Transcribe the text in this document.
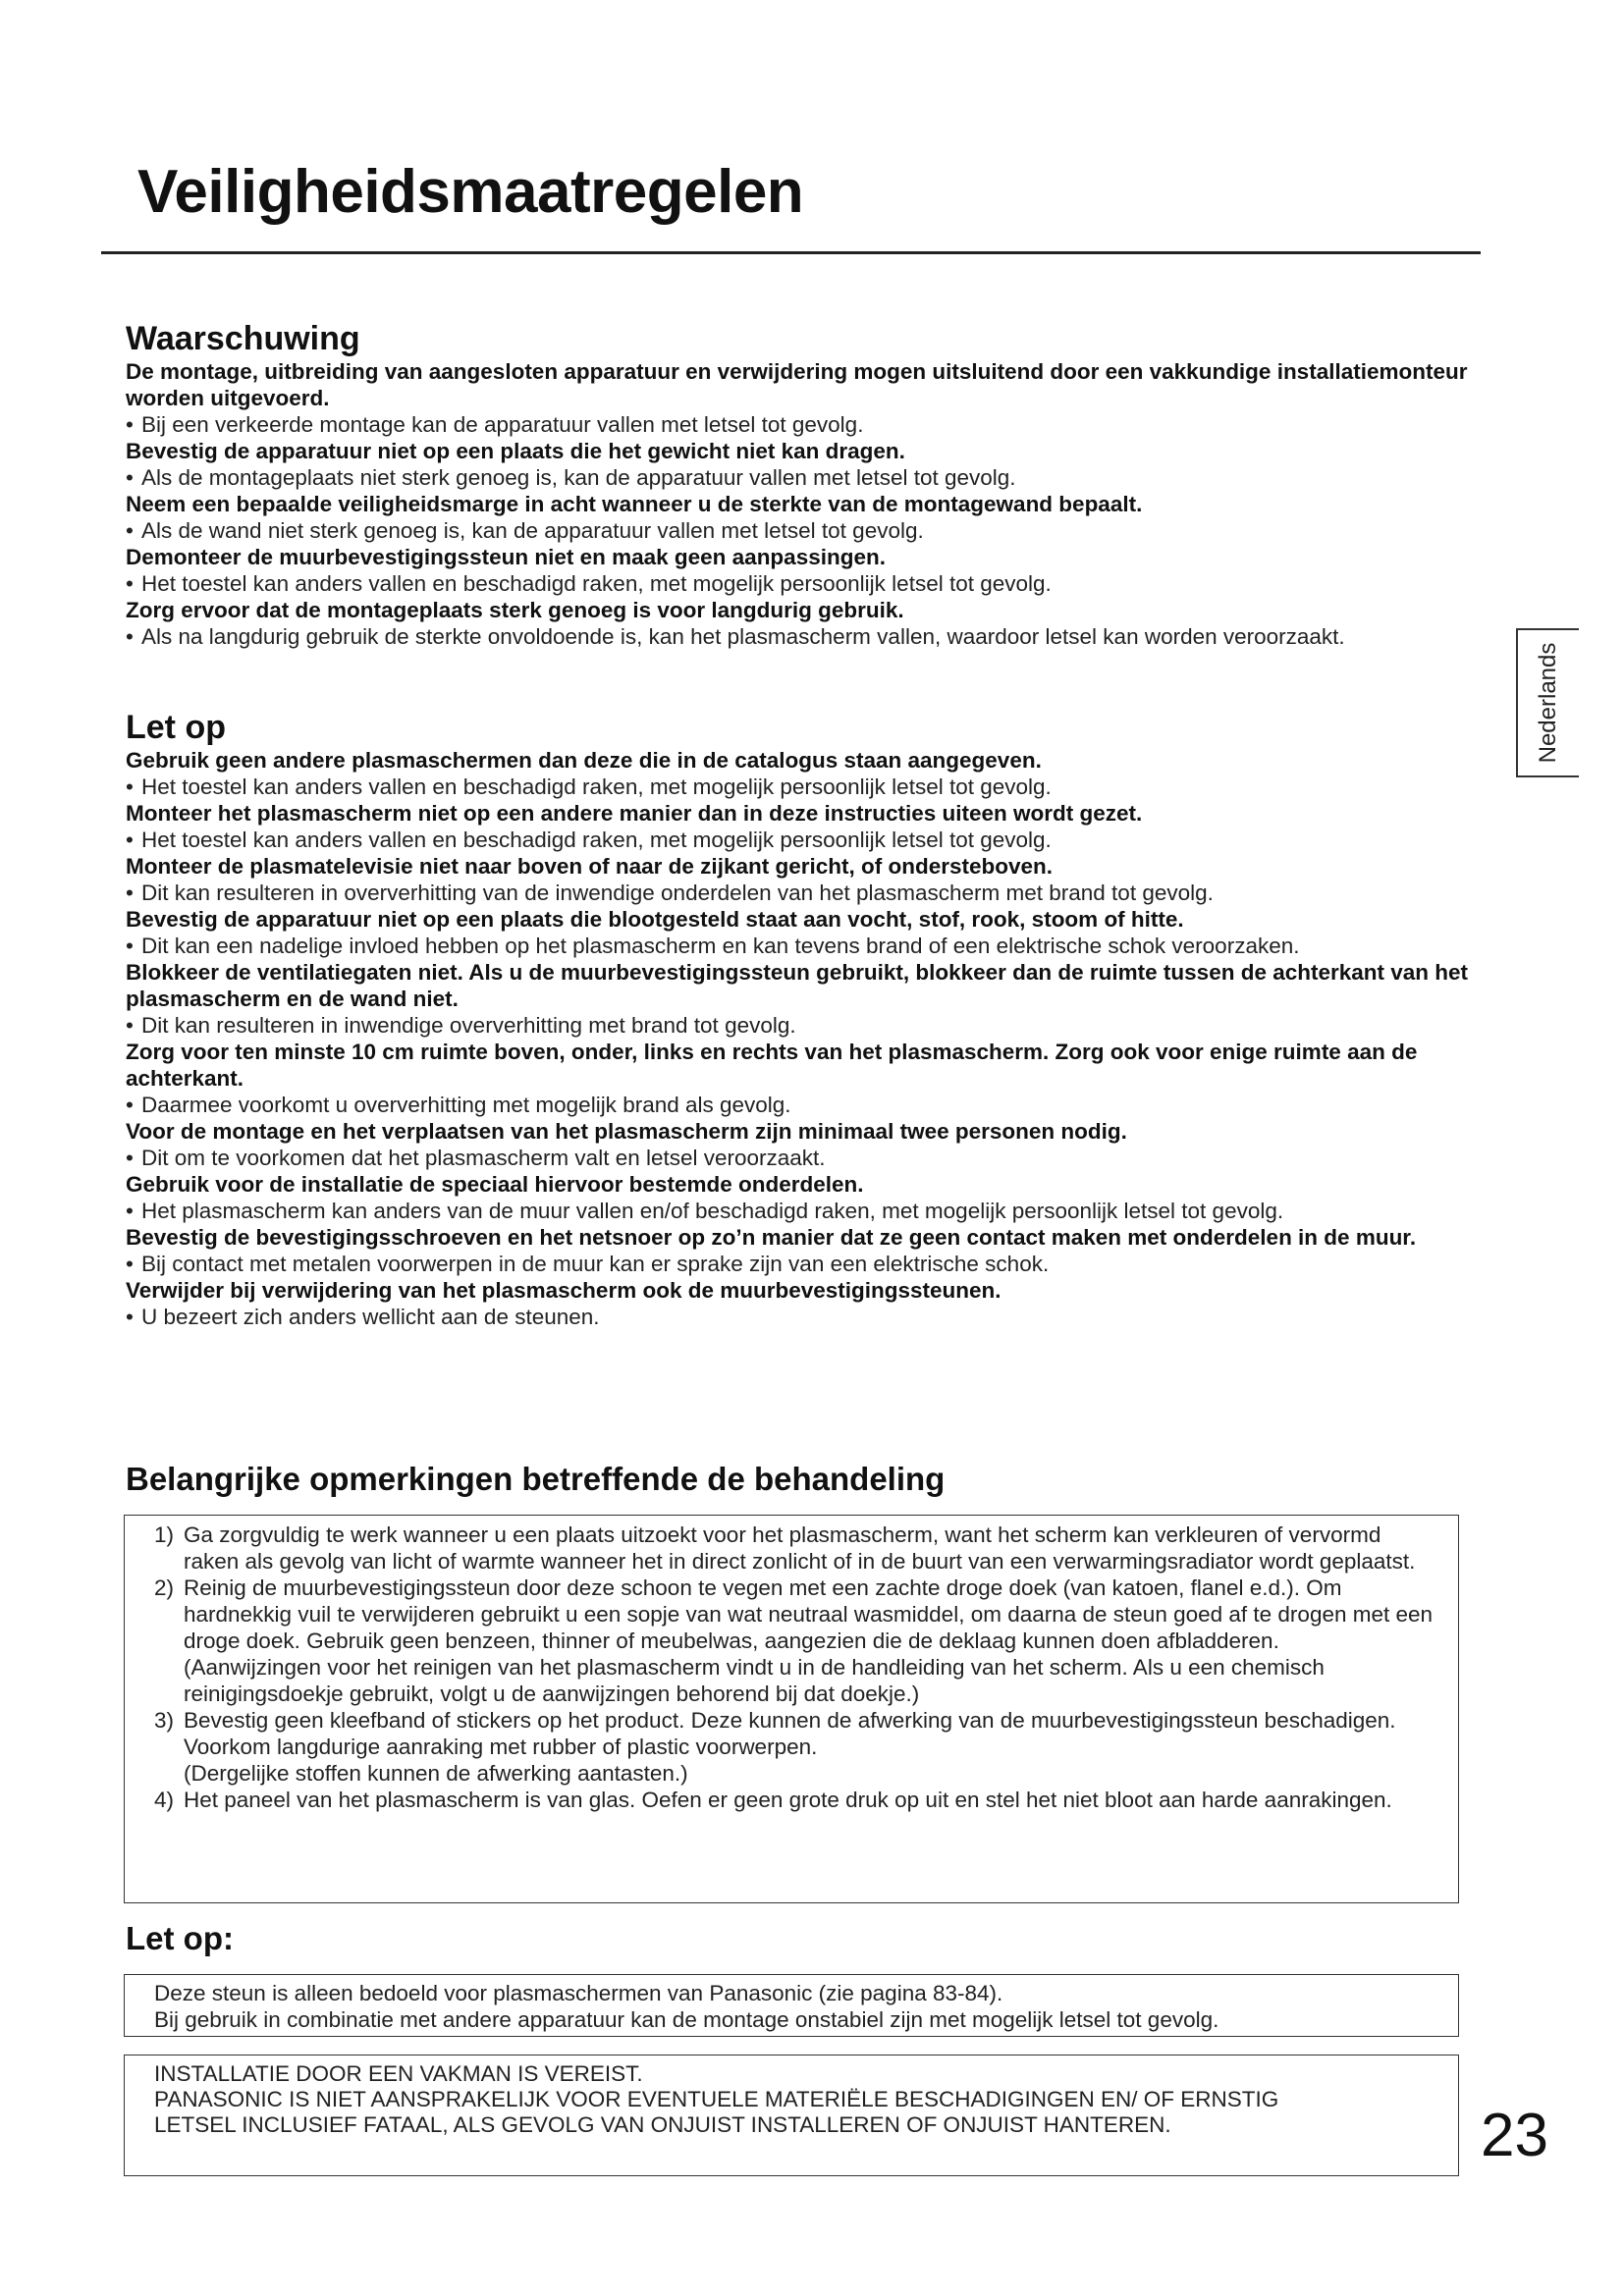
Veiligheidsmaatregelen
Waarschuwing

De montage, uitbreiding van aangesloten apparatuur en verwijdering mogen uitsluitend door een vakkundige installatiemonteur worden uitgevoerd.

• Bij een verkeerde montage kan de apparatuur vallen met letsel tot gevolg.

Bevestig de apparatuur niet op een plaats die het gewicht niet kan dragen.

• Als de montageplaats niet sterk genoeg is, kan de apparatuur vallen met letsel tot gevolg.

Neem een bepaalde veiligheidsmarge in acht wanneer u de sterkte van de montagewand bepaalt.

• Als de wand niet sterk genoeg is, kan de apparatuur vallen met letsel tot gevolg.

Demonteer de muurbevestigingssteun niet en maak geen aanpassingen.

• Het toestel kan anders vallen en beschadigd raken, met mogelijk persoonlijk letsel tot gevolg.

Zorg ervoor dat de montageplaats sterk genoeg is voor langdurig gebruik.

• Als na langdurig gebruik de sterkte onvoldoende is, kan het plasmascherm vallen, waardoor letsel kan worden veroorzaakt.

Let op

Gebruik geen andere plasmaschermen dan deze die in de catalogus staan aangegeven.

• Het toestel kan anders vallen en beschadigd raken, met mogelijk persoonlijk letsel tot gevolg.

Monteer het plasmascherm niet op een andere manier dan in deze instructies uiteen wordt gezet.

• Het toestel kan anders vallen en beschadigd raken, met mogelijk persoonlijk letsel tot gevolg.

Monteer de plasmatelevisie niet naar boven of naar de zijkant gericht, of ondersteboven.

• Dit kan resulteren in oververhitting van de inwendige onderdelen van het plasmascherm met brand tot gevolg.

Bevestig de apparatuur niet op een plaats die blootgesteld staat aan vocht, stof, rook, stoom of hitte.

• Dit kan een nadelige invloed hebben op het plasmascherm en kan tevens brand of een elektrische schok veroorzaken.

Blokkeer de ventilatiegaten niet. Als u de muurbevestigingssteun gebruikt, blokkeer dan de ruimte tussen de achterkant van het plasmascherm en de wand niet.

• Dit kan resulteren in inwendige oververhitting met brand tot gevolg.

Zorg voor ten minste 10 cm ruimte boven, onder, links en rechts van het plasmascherm. Zorg ook voor enige ruimte aan de achterkant.

• Daarmee voorkomt u oververhitting met mogelijk brand als gevolg.

Voor de montage en het verplaatsen van het plasmascherm zijn minimaal twee personen nodig.

• Dit om te voorkomen dat het plasmascherm valt en letsel veroorzaakt.

Gebruik voor de installatie de speciaal hiervoor bestemde onderdelen.

• Het plasmascherm kan anders van de muur vallen en/of beschadigd raken, met mogelijk persoonlijk letsel tot gevolg.

Bevestig de bevestigingsschroeven en het netsnoer op zo’n manier dat ze geen contact maken met onderdelen in de muur.

• Bij contact met metalen voorwerpen in de muur kan er sprake zijn van een elektrische schok.

Verwijder bij verwijdering van het plasmascherm ook de muurbevestigingssteunen.

• U bezeert zich anders wellicht aan de steunen.

Belangrijke opmerkingen betreffende de behandeling

1) Ga zorgvuldig te werk wanneer u een plaats uitzoekt voor het plasmascherm, want het scherm kan verkleuren of vervormd raken als gevolg van licht of warmte wanneer het in direct zonlicht of in de buurt van een verwarmingsradiator wordt geplaatst.

2) Reinig de muurbevestigingssteun door deze schoon te vegen met een zachte droge doek (van katoen, flanel e.d.). Om hardnekkig vuil te verwijderen gebruikt u een sopje van wat neutraal wasmiddel, om daarna de steun goed af te drogen met een droge doek. Gebruik geen benzeen, thinner of meubelwas, aangezien die de deklaag kunnen doen afbladderen.

(Aanwijzingen voor het reinigen van het plasmascherm vindt u in de handleiding van het scherm. Als u een chemisch reinigingsdoekje gebruikt, volgt u de aanwijzingen behorend bij dat doekje.)

3) Bevestig geen kleefband of stickers op het product. Deze kunnen de afwerking van de muurbevestigingssteun beschadigen. Voorkom langdurige aanraking met rubber of plastic voorwerpen.

(Dergelijke stoffen kunnen de afwerking aantasten.)

4) Het paneel van het plasmascherm is van glas. Oefen er geen grote druk op uit en stel het niet bloot aan harde aanrakingen.

Let op:

Deze steun is alleen bedoeld voor plasmaschermen van Panasonic (zie pagina 83-84).

Bij gebruik in combinatie met andere apparatuur kan de montage onstabiel zijn met mogelijk letsel tot gevolg.

INSTALLATIE DOOR EEN VAKMAN IS VEREIST.

PANASONIC IS NIET AANSPRAKELIJK VOOR EVENTUELE MATERIËLE BESCHADIGINGEN EN/ OF ERNSTIG LETSEL INCLUSIEF FATAAL, ALS GEVOLG VAN ONJUIST INSTALLEREN OF ONJUIST HANTEREN.

Nederlands
23
